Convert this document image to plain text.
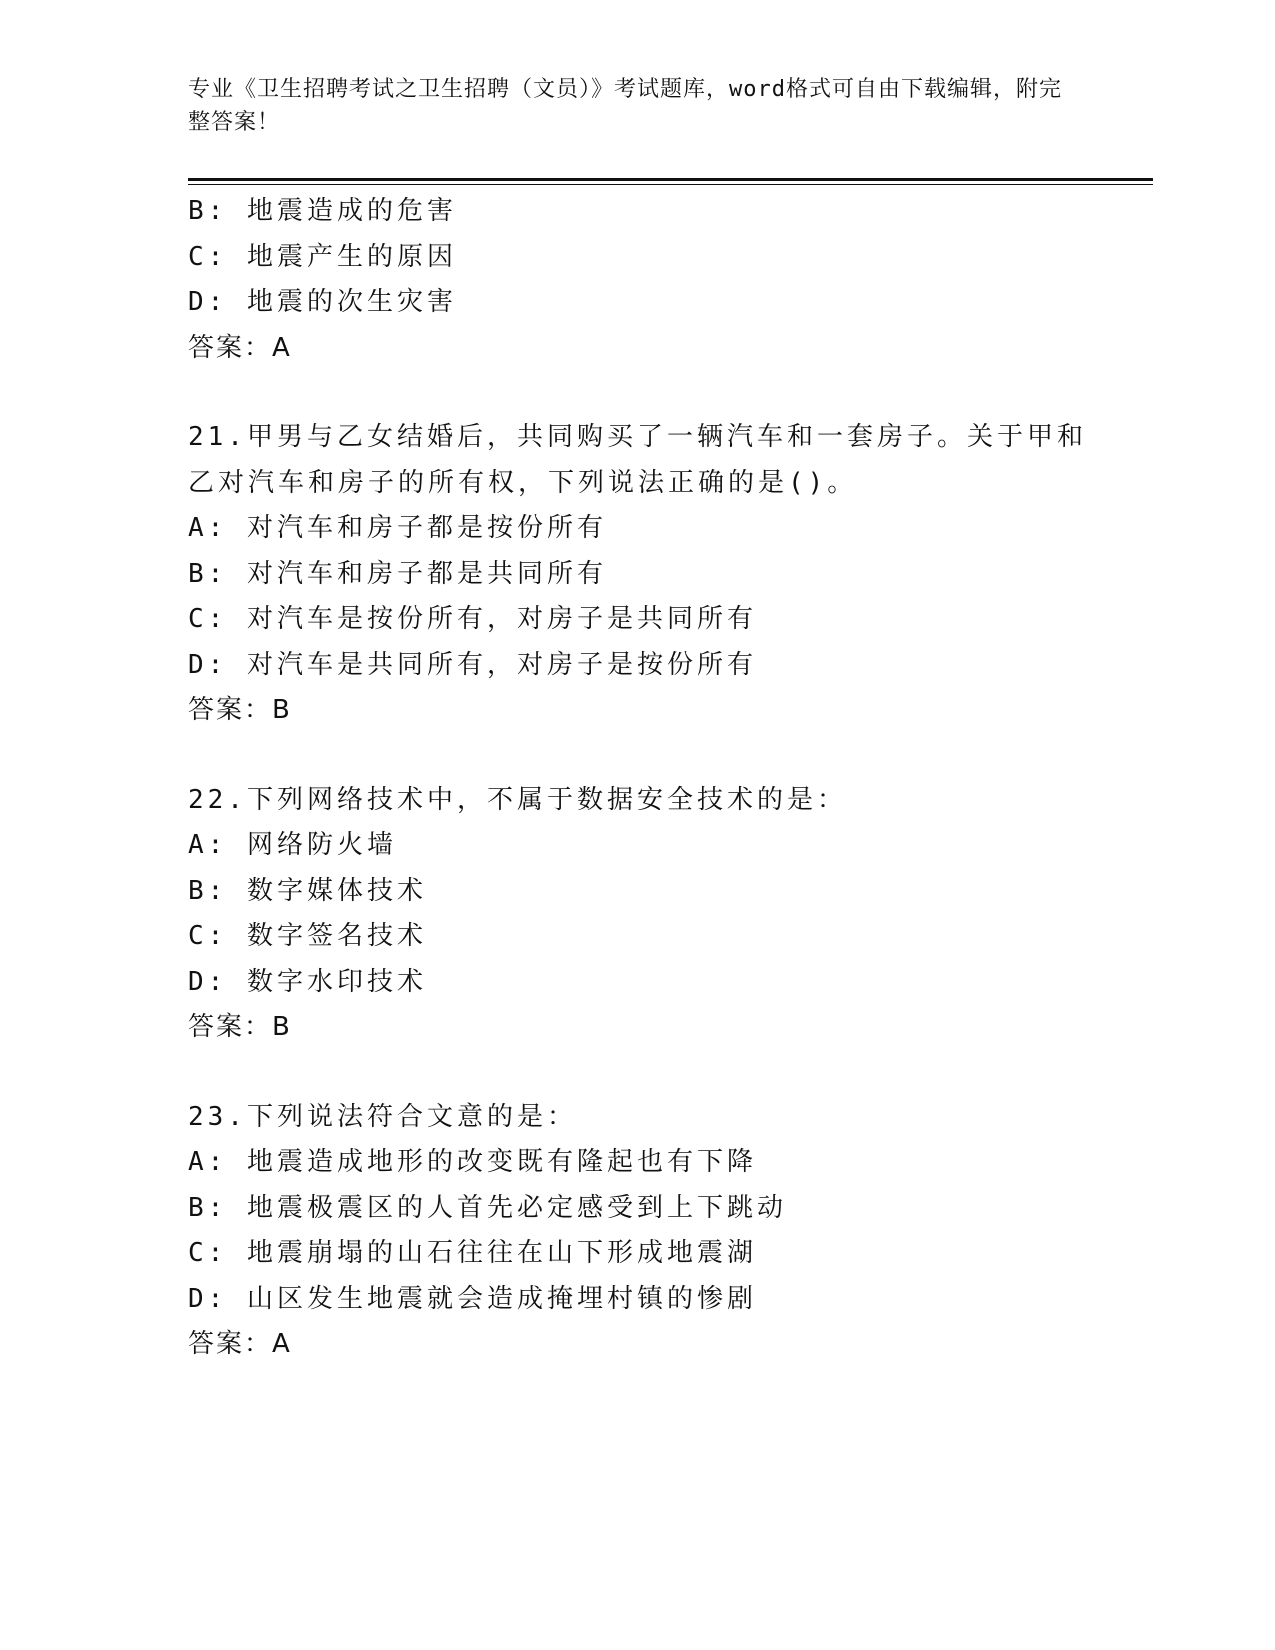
专业《卫生招聘考试之卫生招聘（文员）》考试题库，word格式可自由下载编辑，附完整答案！
B: 地震造成的危害
C: 地震产生的原因
D: 地震的次生灾害
答案：A
21.甲男与乙女结婚后，共同购买了一辆汽车和一套房子。关于甲和乙对汽车和房子的所有权，下列说法正确的是()。
A: 对汽车和房子都是按份所有
B: 对汽车和房子都是共同所有
C: 对汽车是按份所有，对房子是共同所有
D: 对汽车是共同所有，对房子是按份所有
答案：B
22.下列网络技术中，不属于数据安全技术的是：
A: 网络防火墙
B: 数字媒体技术
C: 数字签名技术
D: 数字水印技术
答案：B
23.下列说法符合文意的是：
A: 地震造成地形的改变既有隆起也有下降
B: 地震极震区的人首先必定感受到上下跳动
C: 地震崩塌的山石往往在山下形成地震湖
D: 山区发生地震就会造成掩埋村镇的惨剧
答案：A
